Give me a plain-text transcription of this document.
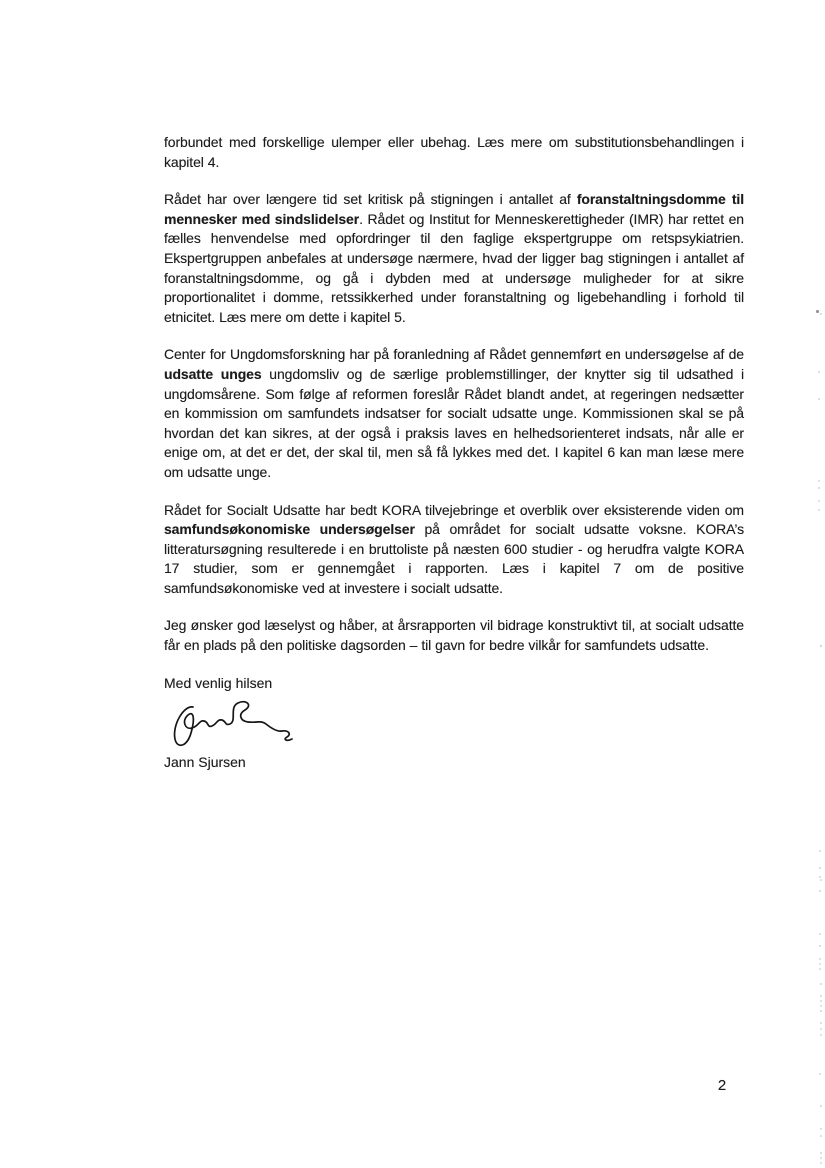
forbundet med forskellige ulemper eller ubehag. Læs mere om substitutionsbehandlingen i kapitel 4.

Rådet har over længere tid set kritisk på stigningen i antallet af foranstaltningsdomme til mennesker med sindslidelser. Rådet og Institut for Menneskerettigheder (IMR) har rettet en fælles henvendelse med opfordringer til den faglige ekspertgruppe om retspsykiatrien. Ekspertgruppen anbefales at undersøge nærmere, hvad der ligger bag stigningen i antallet af foranstaltningsdomme, og gå i dybden med at undersøge muligheder for at sikre proportionalitet i domme, retssikkerhed under foranstaltning og ligebehandling i forhold til etnicitet. Læs mere om dette i kapitel 5.

Center for Ungdomsforskning har på foranledning af Rådet gennemført en undersøgelse af de udsatte unges ungdomsliv og de særlige problemstillinger, der knytter sig til udsathed i ungdomsårene. Som følge af reformen foreslår Rådet blandt andet, at regeringen nedsætter en kommission om samfundets indsatser for socialt udsatte unge. Kommissionen skal se på hvordan det kan sikres, at der også i praksis laves en helhedsorienteret indsats, når alle er enige om, at det er det, der skal til, men så få lykkes med det. I kapitel 6 kan man læse mere om udsatte unge.

Rådet for Socialt Udsatte har bedt KORA tilvejebringe et overblik over eksisterende viden om samfundsøkonomiske undersøgelser på området for socialt udsatte voksne. KORA’s litteratursøgning resulterede i en bruttoliste på næsten 600 studier - og herudfra valgte KORA 17 studier, som er gennemgået i rapporten. Læs i kapitel 7 om de positive samfundsøkonomiske ved at investere i socialt udsatte.

Jeg ønsker god læselyst og håber, at årsrapporten vil bidrage konstruktivt til, at socialt udsatte får en plads på den politiske dagsorden – til gavn for bedre vilkår for samfundets udsatte.

Med venlig hilsen

Jann Sjursen

2
